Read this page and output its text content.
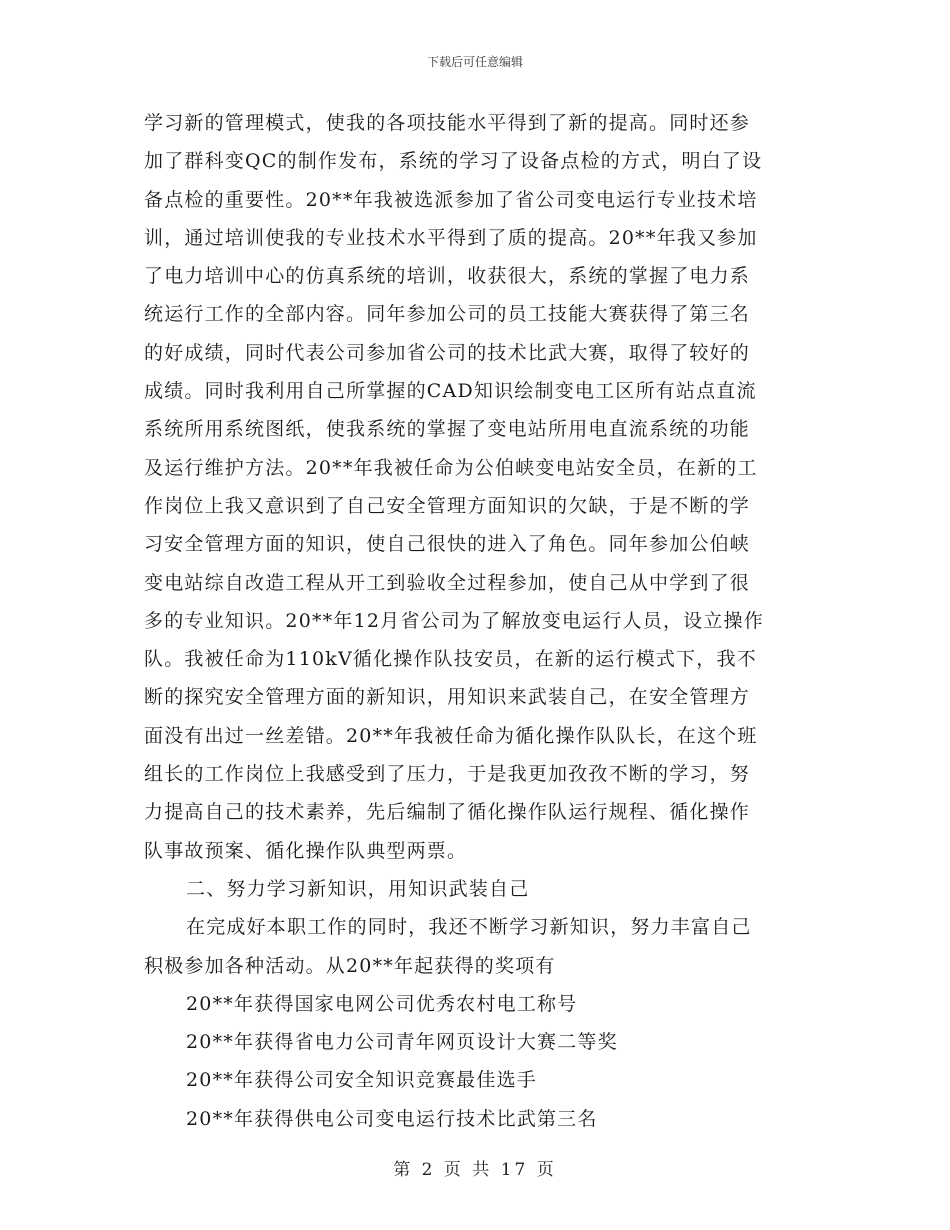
下载后可任意编辑
学习新的管理模式，使我的各项技能水平得到了新的提高。同时还参
加了群科变QC的制作发布，系统的学习了设备点检的方式，明白了设
备点检的重要性。20**年我被选派参加了省公司变电运行专业技术培
训，通过培训使我的专业技术水平得到了质的提高。20**年我又参加
了电力培训中心的仿真系统的培训，收获很大，系统的掌握了电力系
统运行工作的全部内容。同年参加公司的员工技能大赛获得了第三名
的好成绩，同时代表公司参加省公司的技术比武大赛，取得了较好的
成绩。同时我利用自己所掌握的CAD知识绘制变电工区所有站点直流
系统所用系统图纸，使我系统的掌握了变电站所用电直流系统的功能
及运行维护方法。20**年我被任命为公伯峡变电站安全员，在新的工
作岗位上我又意识到了自己安全管理方面知识的欠缺，于是不断的学
习安全管理方面的知识，使自己很快的进入了角色。同年参加公伯峡
变电站综自改造工程从开工到验收全过程参加，使自己从中学到了很
多的专业知识。20**年12月省公司为了解放变电运行人员，设立操作
队。我被任命为110kV循化操作队技安员，在新的运行模式下，我不
断的探究安全管理方面的新知识，用知识来武装自己，在安全管理方
面没有出过一丝差错。20**年我被任命为循化操作队队长，在这个班
组长的工作岗位上我感受到了压力，于是我更加孜孜不断的学习，努
力提高自己的技术素养，先后编制了循化操作队运行规程、循化操作
队事故预案、循化操作队典型两票。
二、努力学习新知识，用知识武装自己
在完成好本职工作的同时，我还不断学习新知识，努力丰富自己
积极参加各种活动。从20**年起获得的奖项有
20**年获得国家电网公司优秀农村电工称号
20**年获得省电力公司青年网页设计大赛二等奖
20**年获得公司安全知识竞赛最佳选手
20**年获得供电公司变电运行技术比武第三名
第 2 页 共 17 页
